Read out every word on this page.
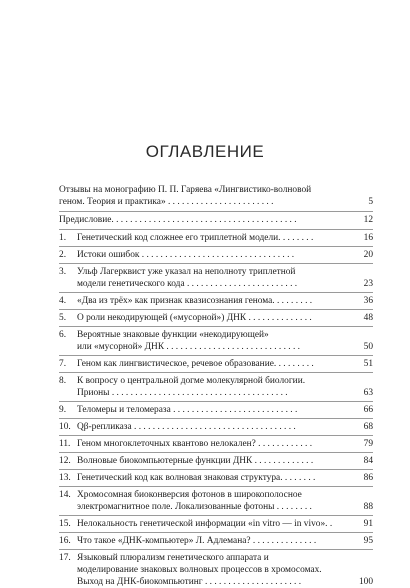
ОГЛАВЛЕНИЕ
Отзывы на монографию П. П. Гаряева «Лингвистико-волновой
геном. Теория и практика» . . . . . . . . . . . . . . . . . . . . . . .	5
Предисловие. . . . . . . . . . . . . . . . . . . . . . . . . . . . . . . . . . . . . . . .	12
1.	Генетический код сложнее его триплетной модели. . . . . . . .	16
2.	Истоки ошибок . . . . . . . . . . . . . . . . . . . . . . . . . . . . . . . . .	20
3.	Ульф Лагерквист уже указал на неполноту триплетной
модели генетического кода . . . . . . . . . . . . . . . . . . . . . . . .	23
4.	«Два из трёх» как признак квазисознания генома. . . . . . . . .	36
5.	О роли некодирующей («мусорной») ДНК . . . . . . . . . . . . . .	48
6.	Вероятные знаковые функции «некодирующей»
или «мусорной» ДНК . . . . . . . . . . . . . . . . . . . . . . . . . . . . .	50
7.	Геном как лингвистическое, речевое образование. . . . . . . . .	51
8.	К вопросу о центральной догме молекулярной биологии.
Прионы . . . . . . . . . . . . . . . . . . . . . . . . . . . . . . . . . . . . . .	63
9.	Теломеры и теломераза . . . . . . . . . . . . . . . . . . . . . . . . . . .	66
10. Qβ-репликаза . . . . . . . . . . . . . . . . . . . . . . . . . . . . . . . . . . .	68
11. Геном многоклеточных квантово нелокален? . . . . . . . . . . . .	79
12. Волновые биокомпьютерные функции ДНК . . . . . . . . . . . . .	84
13. Генетический код как волновая знаковая структура. . . . . . . .	86
14. Хромосомная биоконверсия фотонов в широкополосное
электромагнитное поле. Локализованные фотоны . . . . . . . .	88
15. Нелокальность генетической информации «in vitro — in vivo». .	91
16. Что такое «ДНК-компьютер» Л. Адлемана? . . . . . . . . . . . . . .	95
17. Языковый плюрализм генетического аппарата и
моделирование знаковых волновых процессов в хромосомах.
Выход на ДНК-биокомпьютинг . . . . . . . . . . . . . . . . . . . . .	100
